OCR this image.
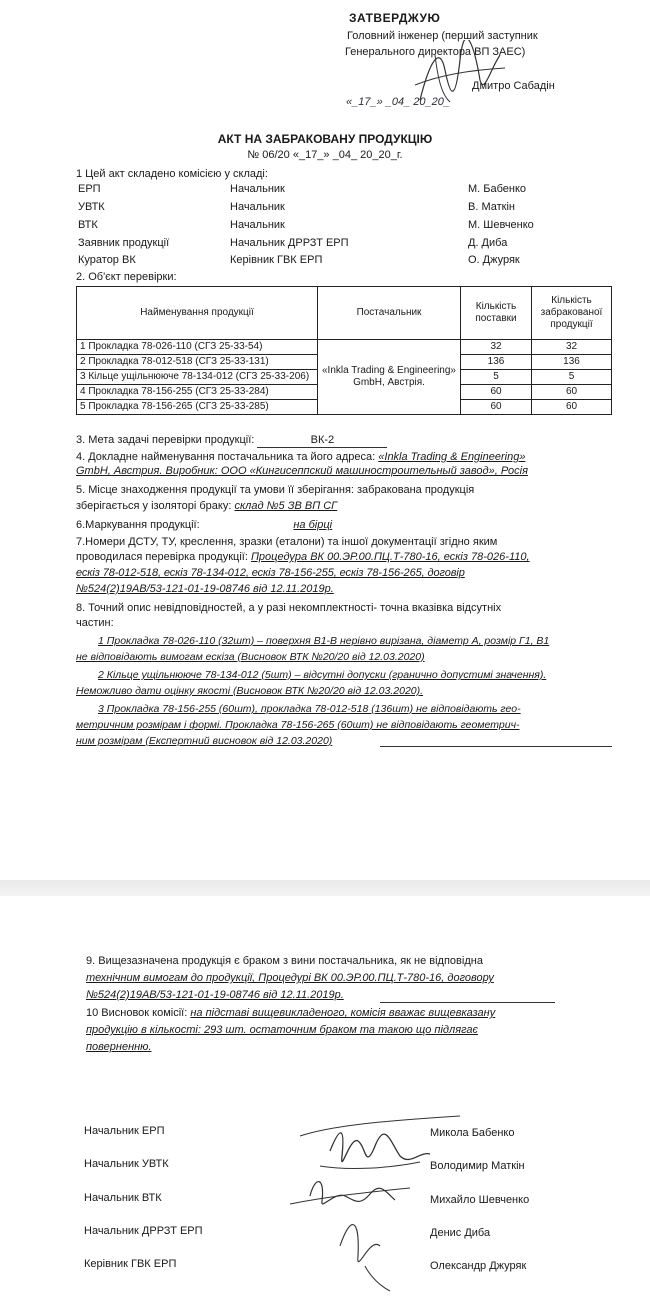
ЗАТВЕРДЖУЮ
Головний інженер (перший заступник
Генерального директора ВП ЗАЕС)
Дмитро Сабадін
«_17_» _04_ 20_20_
АКТ НА ЗАБРАКОВАНУ ПРОДУКЦІЮ
№ 06/20 «_17_» _04_ 20_20_г.
1 Цей акт складено комісією у складі:
ЕРП	Начальник	М. Бабенко
УВТК	Начальник	В. Маткін
ВТК	Начальник	М. Шевченко
Заявник продукції	Начальник ДРРЗТ ЕРП	Д. Диба
Куратор ВК	Керівник ГВК ЕРП	О. Джуряк
2. Об'єкт перевірки:
Найменування продукції	Постачальник	Кількість поставки	Кількість забракованої продукції
1 Прокладка 78-026-110 (СГЗ 25-33-54)	«Inkla Trading & Engineering» GmbH, Австрія.	32	32
2 Прокладка 78-012-518 (СГЗ 25-33-131)		136	136
3 Кільце ущільнююче 78-134-012 (СГЗ 25-33-206)		5	5
4 Прокладка 78-156-255 (СГЗ 25-33-284)		60	60
5 Прокладка 78-156-265 (СГЗ 25-33-285)		60	60
3. Мета задачі перевірки продукції:	ВК-2
4. Докладне найменування постачальника та його адреса: «Inkla Trading & Engineering»
GmbH, Австрия. Виробник: ООО «Кингисеппский машиностроительный завод», Росія
5. Місце знаходження продукції та умови її зберігання: забракована продукція
зберігається у ізоляторі браку: склад №5 ЗВ ВП СГ
6.Маркування продукції:	на бірці
7.Номери ДСТУ, ТУ, креслення, зразки (еталони) та іншої документації згідно яким
проводилася перевірка продукції: Процедура ВК 00.ЭР.00.ПЦ.Т-780-16, ескіз 78-026-110,
ескіз 78-012-518, ескіз 78-134-012, ескіз 78-156-255, ескіз 78-156-265, договір
№524(2)19АВ/53-121-01-19-08746 від 12.11.2019р.
8. Точний опис невідповідностей, а у разі некомплектності- точна вказівка відсутніх
частин:
1 Прокладка 78-026-110 (32шт) – поверхня В1-В нерівно вирізана, діаметр А, розмір Г1, В1
не відповідають вимогам ескіза (Висновок ВТК №20/20 від 12.03.2020)
2 Кільце ущільнююче 78-134-012 (5шт) – відсутні допуски (гранично допустимі значення).
Неможливо дати оцінку якості (Висновок ВТК №20/20 від 12.03.2020).
3 Прокладка 78-156-255 (60шт), прокладка 78-012-518 (136шт) не відповідають гео-
метричним розмірам і формі. Прокладка 78-156-265 (60шт) не відповідають геометрич-
ним розмірам (Експертний висновок від 12.03.2020)
9. Вищезазначена продукція є браком з вини постачальника, як не відповідна
технічним вимогам до продукції, Процедурі ВК 00.ЭР.00.ПЦ.Т-780-16, договору
№524(2)19АВ/53-121-01-19-08746 від 12.11.2019р.
10 Висновок комісії: на підставі вищевикладеного, комісія вважає вищевказану
продукцію в кількості: 293 шт. остаточним браком та такою що підлягає
поверненню.
Начальник ЕРП	Микола Бабенко
Начальник УВТК	Володимир Маткін
Начальник ВТК	Михайло Шевченко
Начальник ДРРЗТ ЕРП	Денис Диба
Керівник ГВК ЕРП	Олександр Джуряк
